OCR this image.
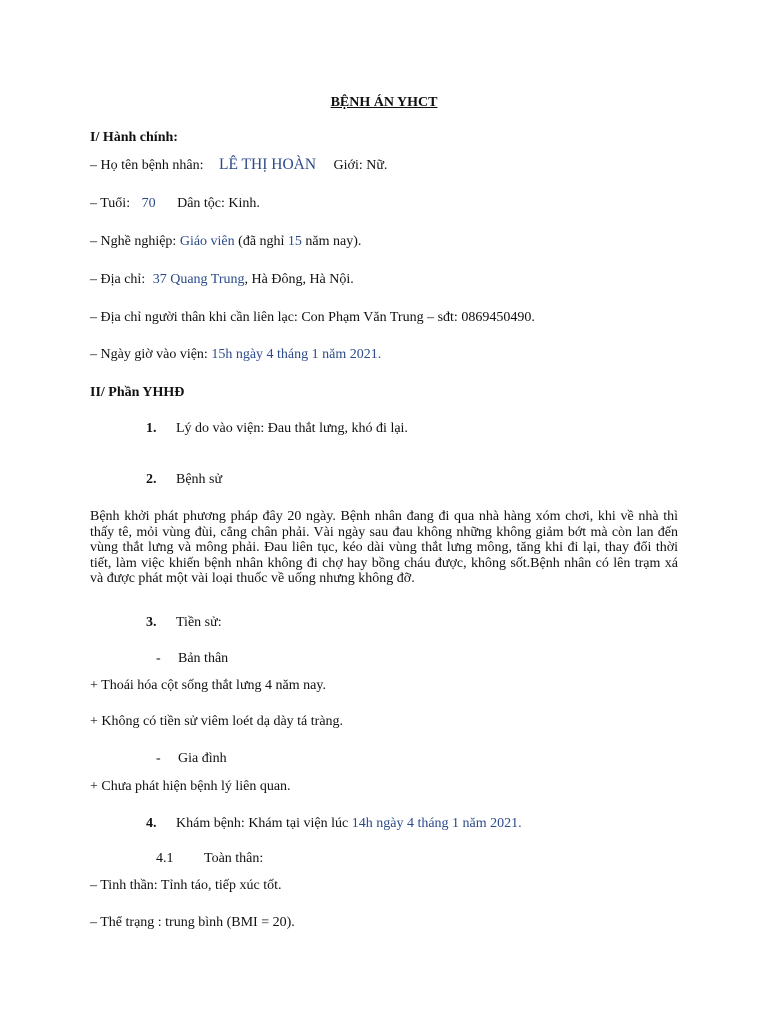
BỆNH ÁN YHCT
I/ Hành chính:
– Họ tên bệnh nhân: LÊ THỊ HOÀN Giới: Nữ.
– Tuổi: 70 Dân tộc: Kinh.
– Nghề nghiệp: Giáo viên (đã nghỉ 15 năm nay).
– Địa chỉ: 37 Quang Trung, Hà Đông, Hà Nội.
– Địa chỉ người thân khi cần liên lạc: Con Phạm Văn Trung – sđt: 0869450490.
– Ngày giờ vào viện: 15h ngày 4 tháng 1 năm 2021.
II/ Phần YHHĐ
1. Lý do vào viện: Đau thắt lưng, khó đi lại.
2. Bệnh sử

Bệnh khởi phát phương pháp đây 20 ngày. Bệnh nhân đang đi qua nhà hàng xóm chơi, khi về nhà thì thấy tê, mỏi vùng đùi, cẳng chân phải. Vài ngày sau đau không những không giảm bớt mà còn lan đến vùng thắt lưng và mông phải. Đau liên tục, kéo dài vùng thắt lưng mông, tăng khi đi lại, thay đổi thời tiết, làm việc khiến bệnh nhân không đi chợ hay bồng cháu được, không sốt.Bệnh nhân có lên trạm xá và được phát một vài loại thuốc về uống nhưng không đỡ.

3. Tiền sử:
- Bản thân
+ Thoái hóa cột sống thắt lưng 4 năm nay.
+ Không có tiền sử viêm loét dạ dày tá tràng.
- Gia đình
+ Chưa phát hiện bệnh lý liên quan.
4. Khám bệnh: Khám tại viện lúc 14h ngày 4 tháng 1 năm 2021.
4.1 Toàn thân:
– Tinh thần: Tỉnh táo, tiếp xúc tốt.
– Thể trạng : trung bình (BMI = 20).
